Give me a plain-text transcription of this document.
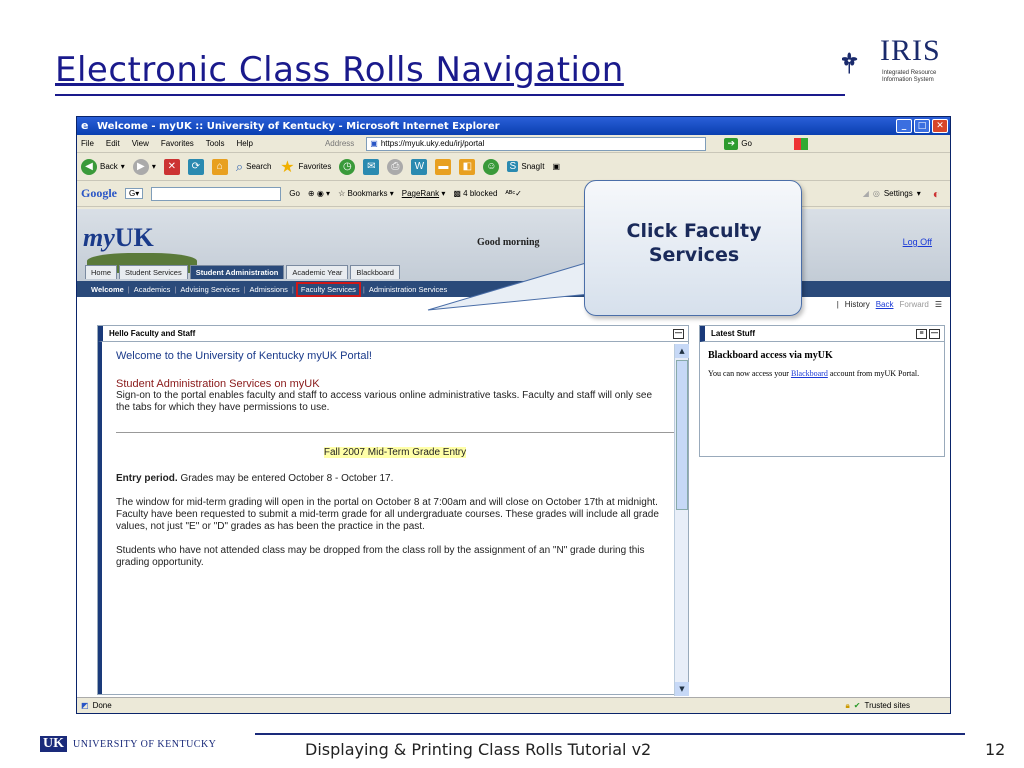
Electronic Class Rolls Navigation	IRIS
Integrated Resource
Information System
e Welcome - myUK :: University of Kentucky - Microsoft Internet Explorer	_	□	✕
File Edit View Favorites Tools Help	Address ▣ https://myuk.uky.edu/irj/portal	➔ Go
◀ Back ▾	▶ ▾	✕	⟳	⌂ ⌕ Search ★ Favorites	◷	✉	⎙	W	▬	◧	☺ S SnagIt ▣
Google	G▾	Go ⊕ ◉ ▾ ☆ Bookmarks ▾ PageRank ▾ ▩ 4 blocked ᴬᴮᶜ✓	◢ ◎ Settings ▾ ◐
myUK	Good morning	Log Off
Home	Student Services	Student Administration	Academic Year	Blackboard
Welcome | Academics | Advising Services | Admissions | Faculty Services | Administration Services
| History Back Forward ☰
Hello Faculty and Staff	—
Welcome to the University of Kentucky myUK Portal!
Student Administration Services on myUK
Sign-on to the portal enables faculty and staff to access various online administrative tasks. Faculty and staff will only see the tabs for which they have permissions to use.
Fall 2007 Mid-Term Grade Entry

Entry period. Grades may be entered October 8 - October 17.

The window for mid-term grading will open in the portal on October 8 at 7:00am and will close on October 17th at midnight. Faculty have been requested to submit a mid-term grade for all undergraduate courses. These grades will include all grade values, not just "E" or "D" grades as has been the practice in the past.

Students who have not attended class may be dropped from the class roll by the assignment of an "N" grade during this grading opportunity.

▲
▼
Latest Stuff	≡	—
Blackboard access via myUK
You can now access your Blackboard account from myUK Portal.
◩ Done	🔒︎ ✔ Trusted sites
Click Faculty
Services
UK UNIVERSITY OF KENTUCKY	Displaying & Printing Class Rolls Tutorial v2	12
